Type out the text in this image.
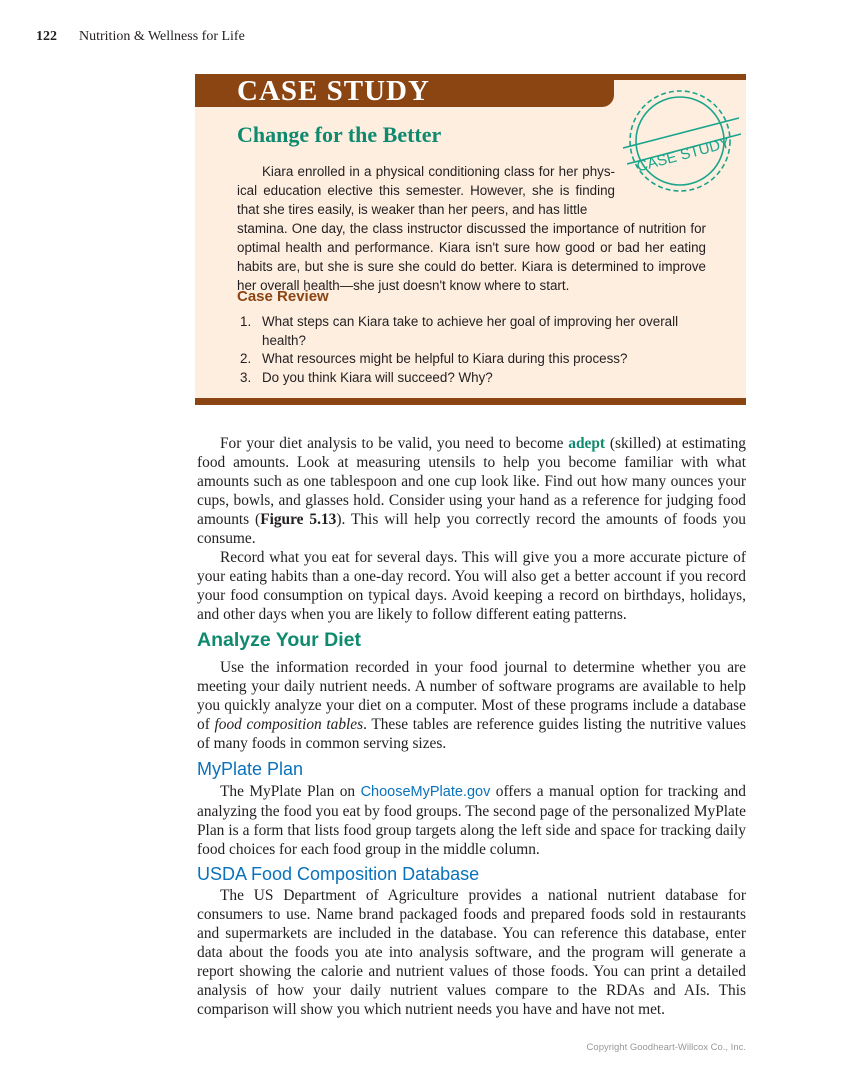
122 Nutrition & Wellness for Life
CASE STUDY
Change for the Better	CASE STUDY
Kiara enrolled in a physical conditioning class for her phys-ical education elective this semester. However, she is finding that she tires easily, is weaker than her peers, and has little
stamina. One day, the class instructor discussed the importance of nutrition for optimal health and performance. Kiara isn't sure how good or bad her eating habits are, but she is sure she could do better. Kiara is determined to improve her overall health—she just doesn't know where to start.
Case Review
1. What steps can Kiara take to achieve her goal of improving her overall health?
2. What resources might be helpful to Kiara during this process?
3. Do you think Kiara will succeed? Why?

For your diet analysis to be valid, you need to become adept (skilled) at estimating food amounts. Look at measuring utensils to help you become familiar with what amounts such as one tablespoon and one cup look like. Find out how many ounces your cups, bowls, and glasses hold. Consider using your hand as a reference for judging food amounts (Figure 5.13). This will help you correctly record the amounts of foods you consume.

Record what you eat for several days. This will give you a more accurate picture of your eating habits than a one-day record. You will also get a better account if you record your food consumption on typical days. Avoid keeping a record on birthdays, holidays, and other days when you are likely to follow different eating patterns.

Analyze Your Diet

Use the information recorded in your food journal to determine whether you are meeting your daily nutrient needs. A number of software programs are available to help you quickly analyze your diet on a computer. Most of these programs include a database of food composition tables. These tables are reference guides listing the nutritive values of many foods in common serving sizes.

MyPlate Plan

The MyPlate Plan on ChooseMyPlate.gov offers a manual option for tracking and analyzing the food you eat by food groups. The second page of the personalized MyPlate Plan is a form that lists food group targets along the left side and space for tracking daily food choices for each food group in the middle column.

USDA Food Composition Database

The US Department of Agriculture provides a national nutrient database for consumers to use. Name brand packaged foods and prepared foods sold in restaurants and supermarkets are included in the database. You can reference this database, enter data about the foods you ate into analysis software, and the program will generate a report showing the calorie and nutrient values of those foods. You can print a detailed analysis of how your daily nutrient values compare to the RDAs and AIs. This comparison will show you which nutrient needs you have and have not met.

Copyright Goodheart-Willcox Co., Inc.
